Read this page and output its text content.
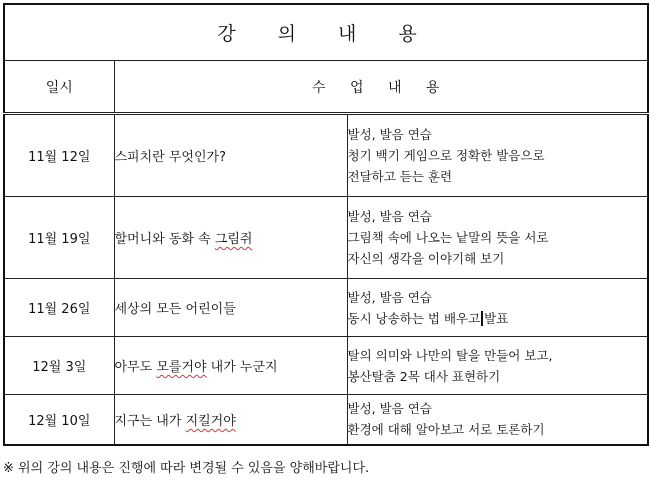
강 의 내 용		
일시	수 업 내 용	
11월 12일	스피치란 무엇인가?	발성, 발음 연습
청기 백기 게임으로 정확한 발음으로
전달하고 듣는 훈련

11월 19일	할머니와 동화 속 그림쥐	발성, 발음 연습
그림책 속에 나오는 낱말의 뜻을 서로
자신의 생각을 이야기해 보기

11월 26일	세상의 모든 어린이들	발성, 발음 연습
동시 낭송하는 법 배우고 발표

12월 3일	아무도 모를거야 내가 누군지	탈의 의미와 나만의 탈을 만들어 보고,
봉산탈춤 2목 대사 표현하기

12월 10일	지구는 내가 지킬거야	발성, 발음 연습
환경에 대해 알아보고 서로 토론하기
※ 위의 강의 내용은 진행에 따라 변경될 수 있음을 양해바랍니다.
